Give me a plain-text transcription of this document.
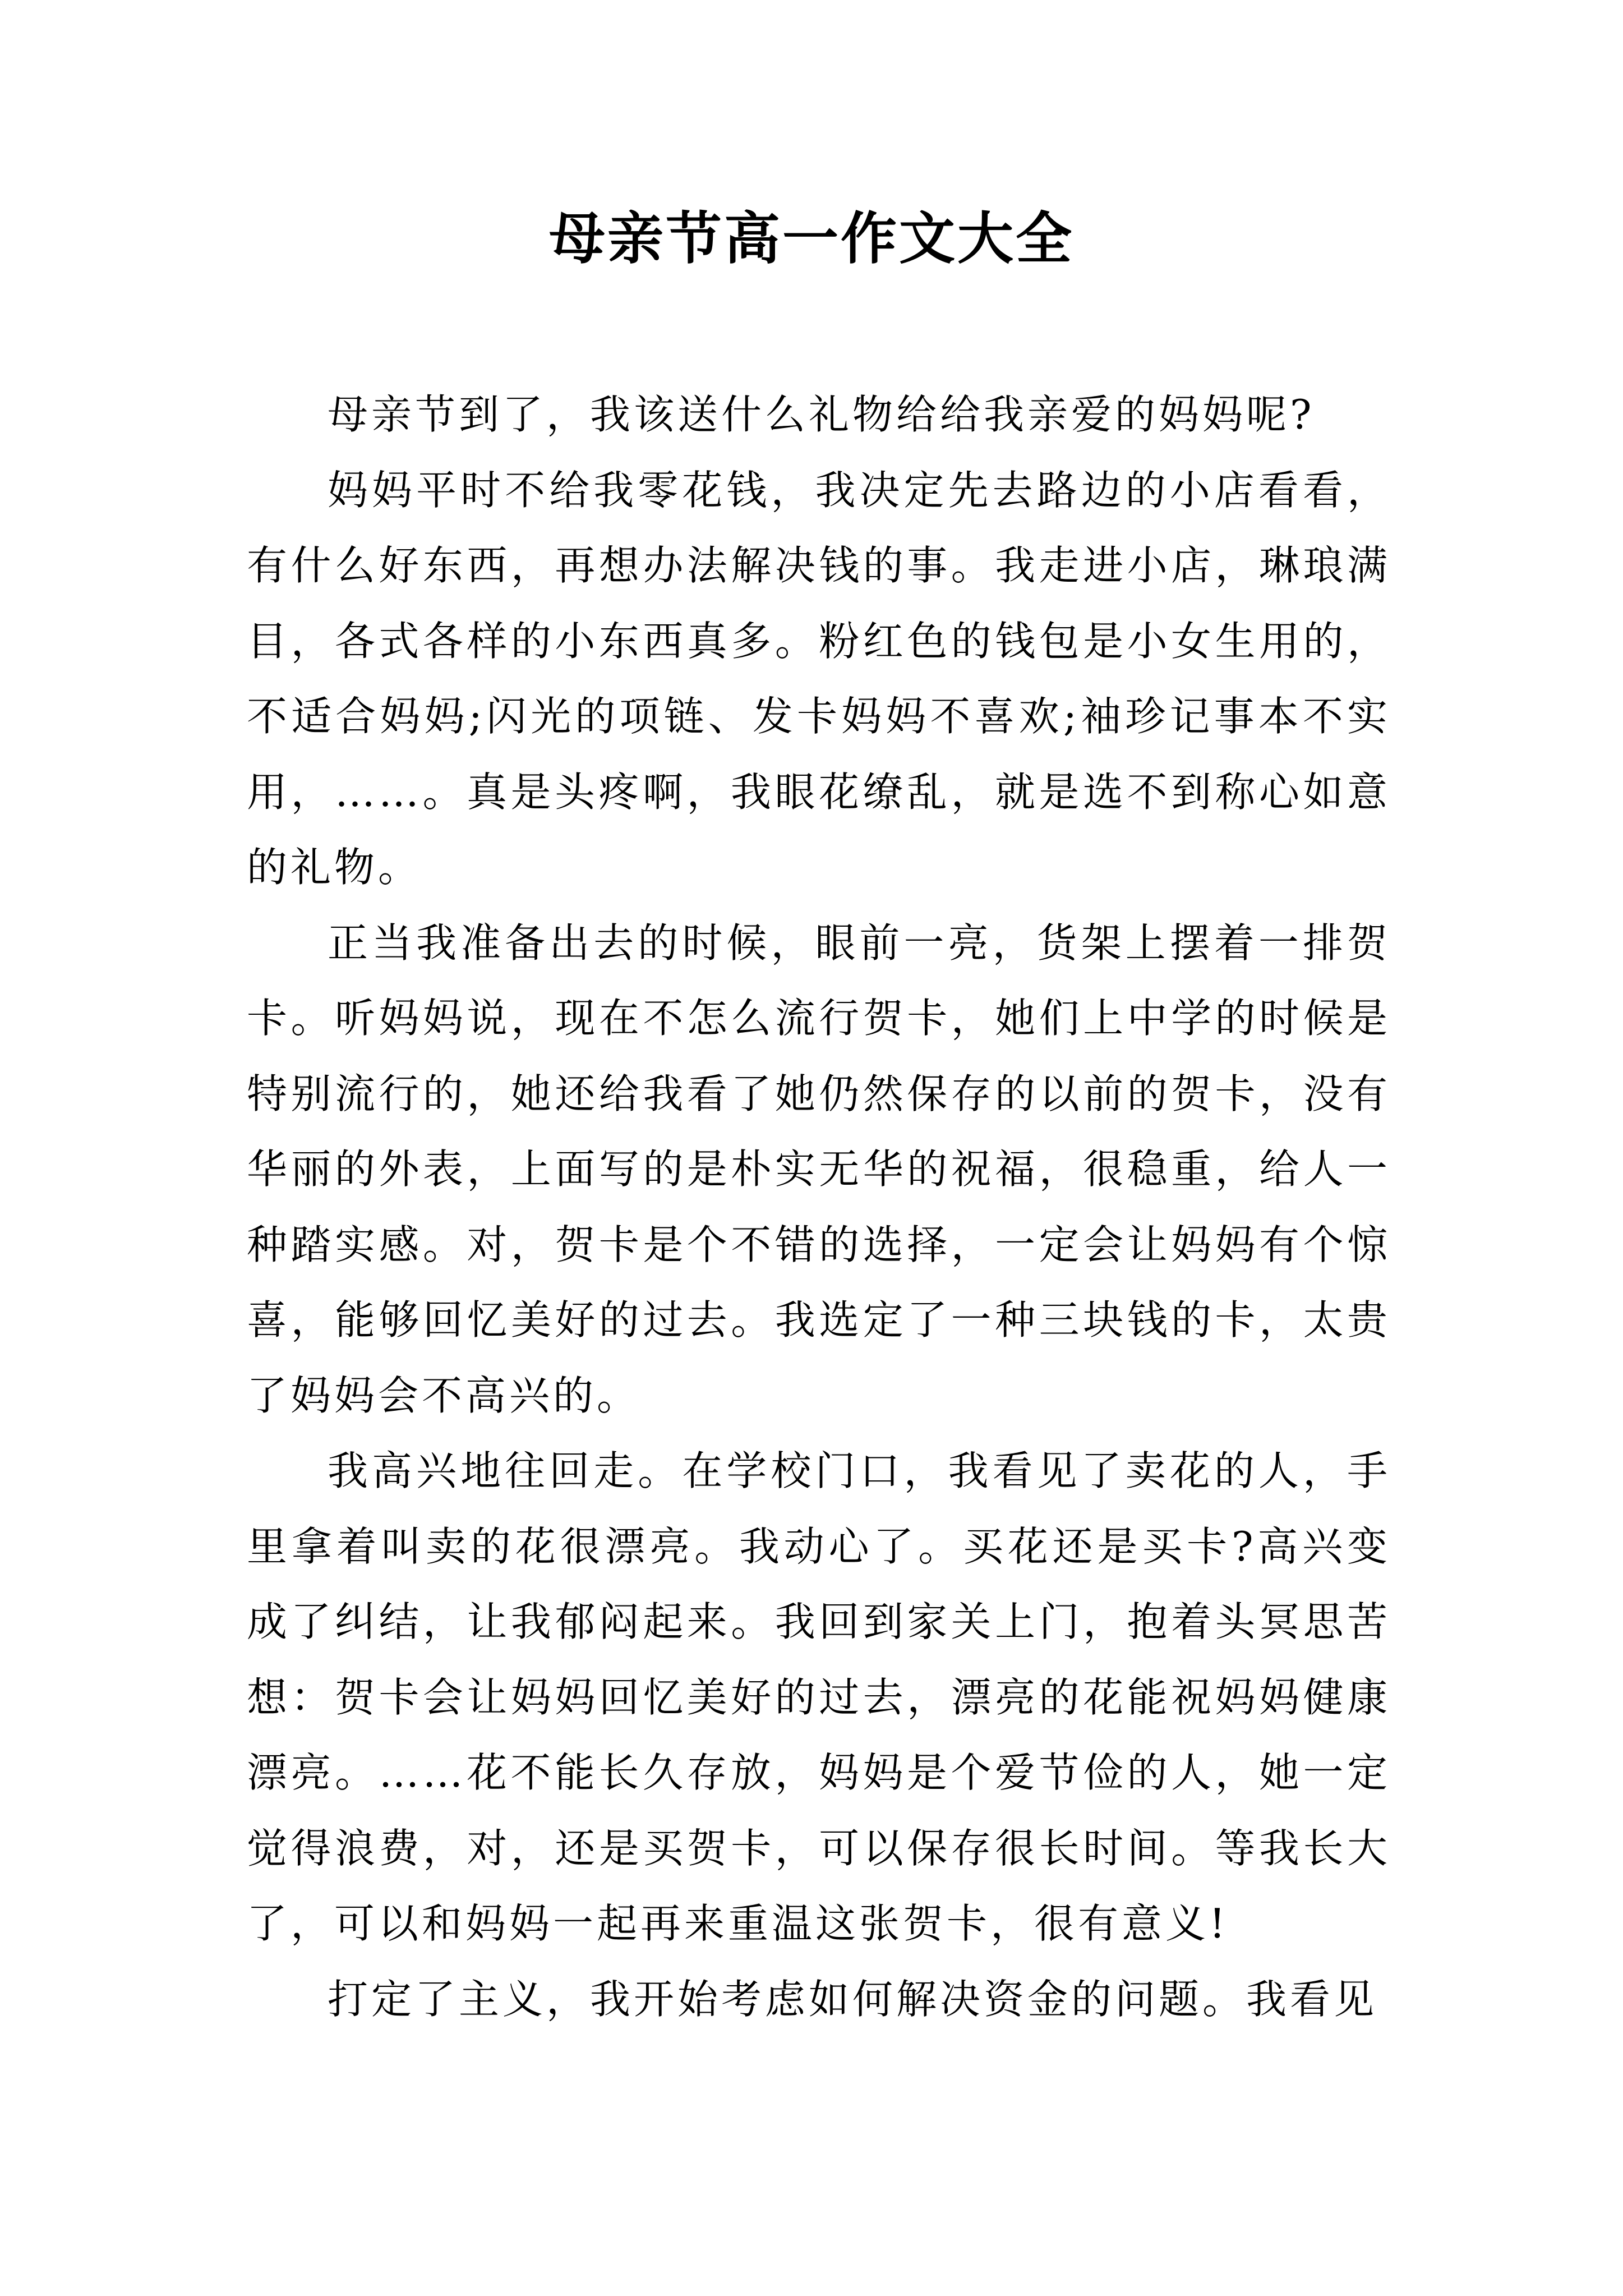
母亲节高一作文大全

母亲节到了，我该送什么礼物给给我亲爱的妈妈呢?

妈妈平时不给我零花钱，我决定先去路边的小店看看，有什么好东西，再想办法解决钱的事。我走进小店，琳琅满目，各式各样的小东西真多。粉红色的钱包是小女生用的，不适合妈妈;闪光的项链、发卡妈妈不喜欢;袖珍记事本不实用，……。真是头疼啊，我眼花缭乱，就是选不到称心如意的礼物。

正当我准备出去的时候，眼前一亮，货架上摆着一排贺卡。听妈妈说，现在不怎么流行贺卡，她们上中学的时候是特别流行的，她还给我看了她仍然保存的以前的贺卡，没有华丽的外表，上面写的是朴实无华的祝福，很稳重，给人一种踏实感。对，贺卡是个不错的选择，一定会让妈妈有个惊喜，能够回忆美好的过去。我选定了一种三块钱的卡，太贵了妈妈会不高兴的。

我高兴地往回走。在学校门口，我看见了卖花的人，手里拿着叫卖的花很漂亮。我动心了。买花还是买卡?高兴变成了纠结，让我郁闷起来。我回到家关上门，抱着头冥思苦想：贺卡会让妈妈回忆美好的过去，漂亮的花能祝妈妈健康漂亮。……花不能长久存放，妈妈是个爱节俭的人，她一定觉得浪费，对，还是买贺卡，可以保存很长时间。等我长大了，可以和妈妈一起再来重温这张贺卡，很有意义!

打定了主义，我开始考虑如何解决资金的问题。我看见
